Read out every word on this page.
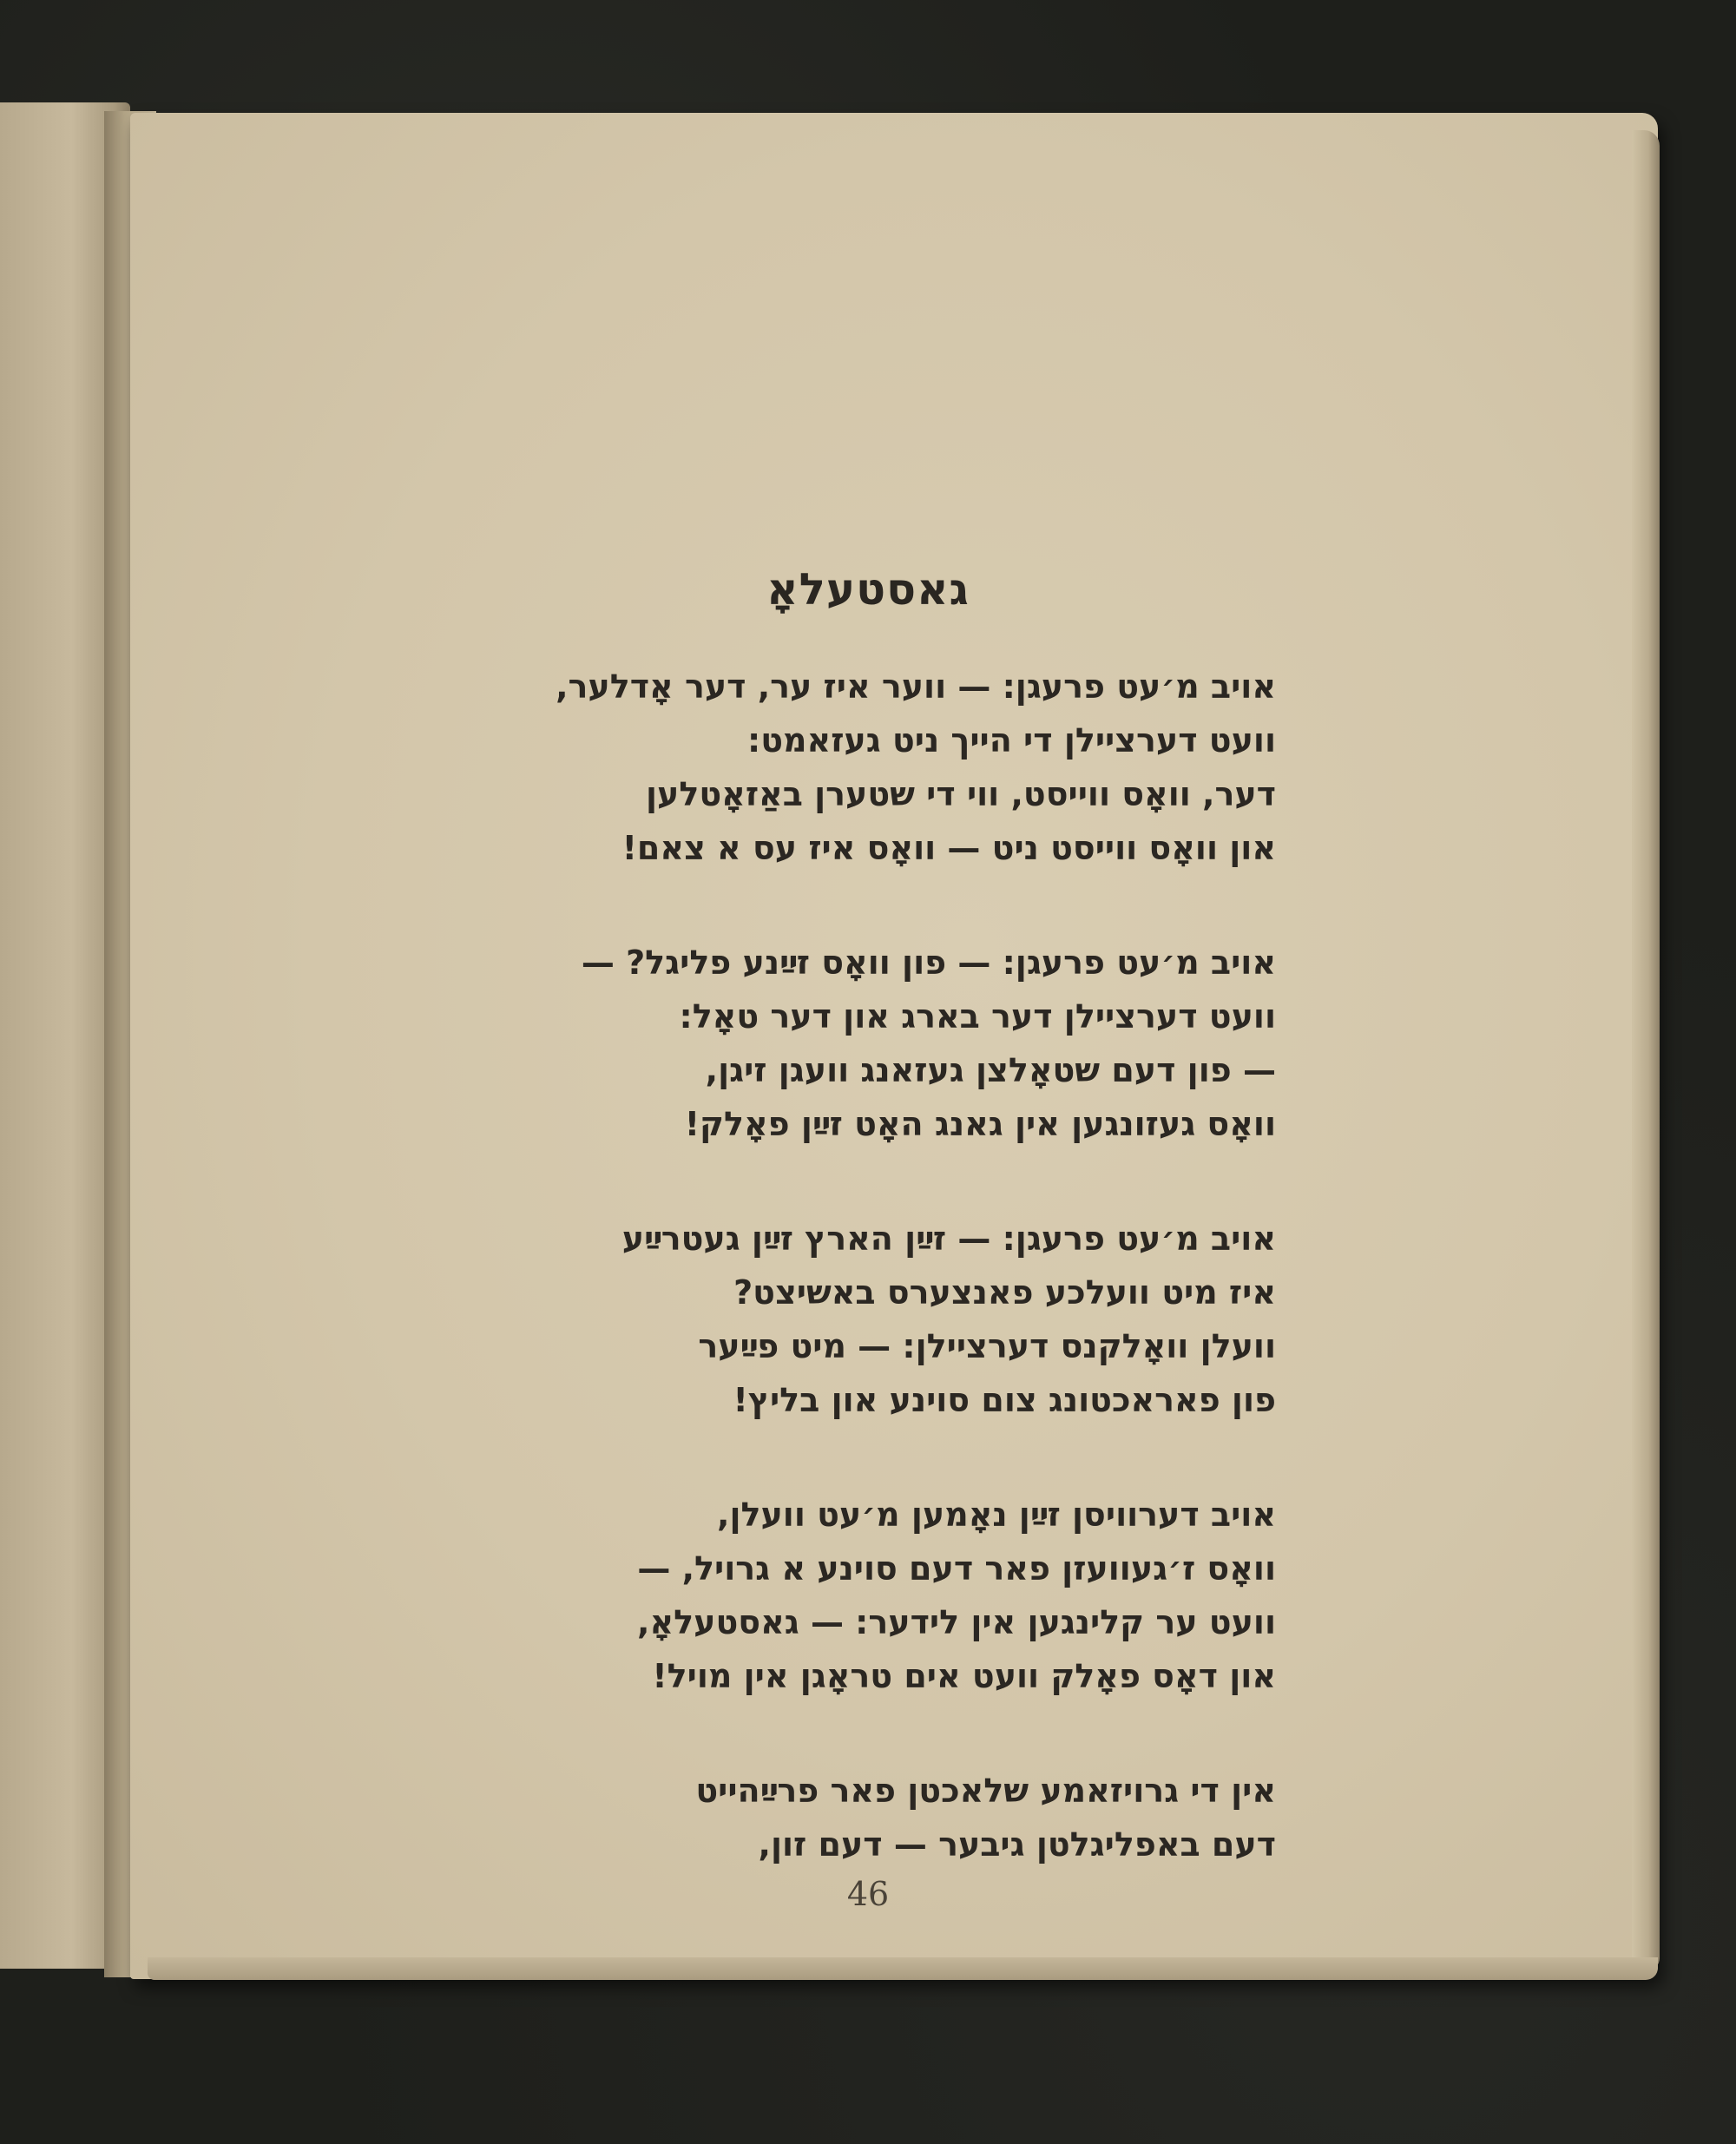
גאסטעלאָ
אויב מ׳עט פרעגן: — ווער איז ער, דער אָדלער,
וועט דערציילן די הייך ניט געזאמט:
דער, וואָס ווייסט, ווי די שטערן באַזאָטלען
און וואָס ווייסט ניט — וואָס איז עס א צאם!
אויב מ׳עט פרעגן: — פון וואָס זײַנע פליגל? —
וועט דערציילן דער בארג און דער טאָל:
— פון דעם שטאָלצן געזאנג וועגן זיגן,
וואָס געזונגען אין גאנג האָט זײַן פאָלק!
אויב מ׳עט פרעגן: — זײַן הארץ זײַן געטרײַע
איז מיט וועלכע פאנצערס באשיצט?
וועלן וואָלקנס דערציילן: — מיט פײַער
פון פאראכטונג צום סוינע און בליץ!
אויב דערוויסן זײַן נאָמען מ׳עט וועלן,
וואָס ז׳געוועזן פאר דעם סוינע א גרויל, —
וועט ער קלינגען אין לידער: — גאסטעלאָ,
און דאָס פאָלק וועט אים טראָגן אין מויל!
אין די גרויזאמע שלאכטן פאר פרײַהייט
דעם באפליגלטן גיבער — דעם זון,
46
